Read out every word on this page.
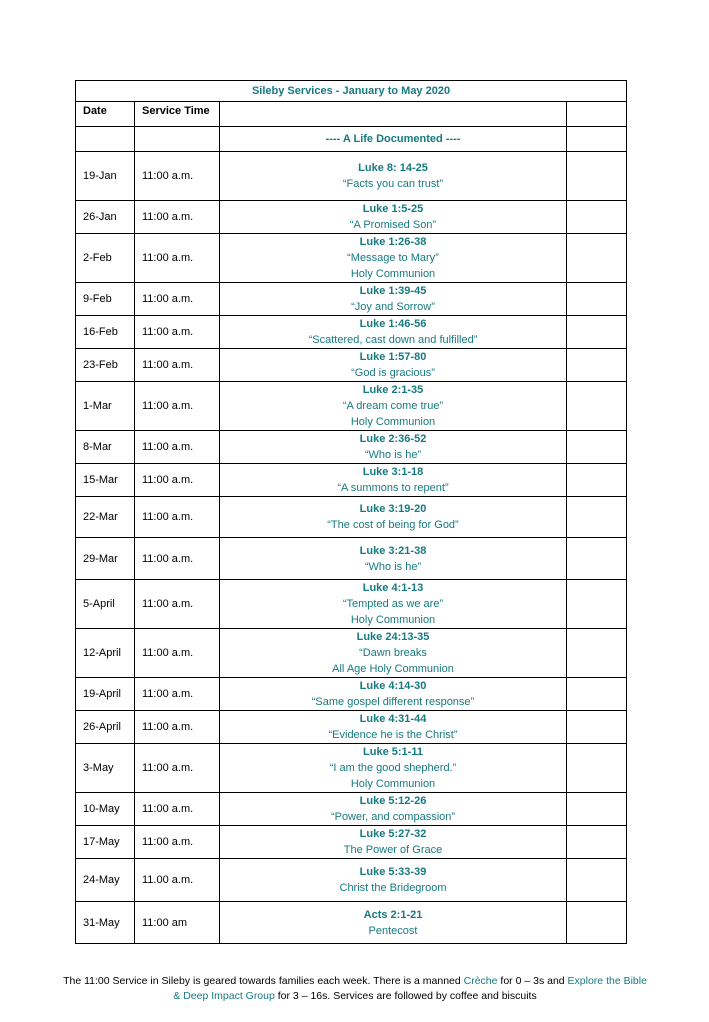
Sileby Services - January to May 2020			
Date	Service Time		
		---- A Life Documented ----	
19-Jan	11:00 a.m.	Luke 8: 14-25
“Facts you can trust”	

26-Jan	11:00 a.m.	Luke 1:5-25
“A Promised Son”	

2-Feb	11:00 a.m.	Luke 1:26-38
“Message to Mary”
Holy Communion	

9-Feb	11:00 a.m.	Luke 1:39-45
“Joy and Sorrow”	

16-Feb	11:00 a.m.	Luke 1:46-56
“Scattered, cast down and fulfilled”	

23-Feb	11:00 a.m.	Luke 1:57-80
“God is gracious”	

1-Mar	11:00 a.m.	Luke 2:1-35
“A dream come true”
Holy Communion	

8-Mar	11:00 a.m.	Luke 2:36-52
“Who is he”	

15-Mar	11:00 a.m.	Luke 3:1-18
“A summons to repent”	

22-Mar	11:00 a.m.	Luke 3:19-20
“The cost of being for God”	

29-Mar	11:00 a.m.	Luke 3:21-38
“Who is he”	

5-April	11:00 a.m.	Luke 4:1-13
“Tempted as we are”
Holy Communion	

12-April	11:00 a.m.	Luke 24:13-35
“Dawn breaks
All Age Holy Communion	

19-April	11:00 a.m.	Luke 4:14-30
“Same gospel different response”	

26-April	11:00 a.m.	Luke 4:31-44
“Evidence he is the Christ”	

3-May	11:00 a.m.	Luke 5:1-11
“I am the good shepherd.”
Holy Communion	

10-May	11:00 a.m.	Luke 5:12-26
“Power, and compassion”	

17-May	11:00 a.m.	Luke 5:27-32
The Power of Grace	

24-May	11.00 a.m.	Luke 5:33-39
Christ the Bridegroom	

31-May	11:00 am	Acts 2:1-21
Pentecost	

The 11:00 Service in Sileby is geared towards families each week. There is a manned Crèche for 0 – 3s and Explore the Bible & Deep Impact Group for 3 – 16s. Services are followed by coffee and biscuits
